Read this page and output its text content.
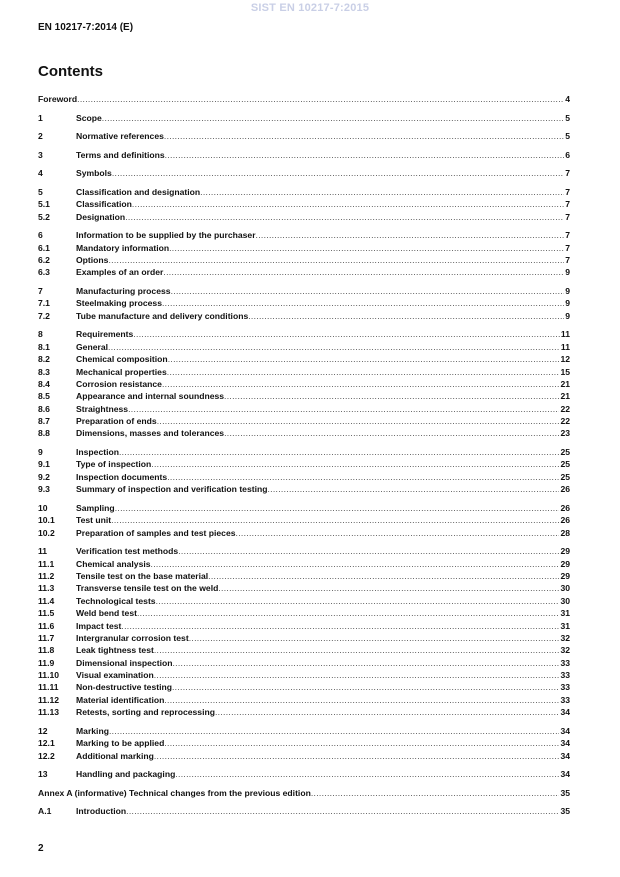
SIST EN 10217-7:2015
EN 10217-7:2014 (E)
Contents
Foreword .....	4
1	Scope .....	5
2	Normative references .....	5
3	Terms and definitions .....	6
4	Symbols .....	7
5	Classification and designation .....	7
5.1	Classification .....	7
5.2	Designation .....	7
6	Information to be supplied by the purchaser .....	7
6.1	Mandatory information .....	7
6.2	Options .....	7
6.3	Examples of an order .....	9
7	Manufacturing process .....	9
7.1	Steelmaking process .....	9
7.2	Tube manufacture and delivery conditions .....	9
8	Requirements .....	11
8.1	General .....	11
8.2	Chemical composition .....	12
8.3	Mechanical properties .....	15
8.4	Corrosion resistance .....	21
8.5	Appearance and internal soundness .....	21
8.6	Straightness .....	22
8.7	Preparation of ends .....	22
8.8	Dimensions, masses and tolerances .....	23
9	Inspection .....	25
9.1	Type of inspection .....	25
9.2	Inspection documents .....	25
9.3	Summary of inspection and verification testing .....	26
10	Sampling .....	26
10.1	Test unit .....	26
10.2	Preparation of samples and test pieces .....	28
11	Verification test methods .....	29
11.1	Chemical analysis .....	29
11.2	Tensile test on the base material .....	29
11.3	Transverse tensile test on the weld .....	30
11.4	Technological tests .....	30
11.5	Weld bend test .....	31
11.6	Impact test .....	31
11.7	Intergranular corrosion test .....	32
11.8	Leak tightness test .....	32
11.9	Dimensional inspection .....	33
11.10	Visual examination .....	33
11.11	Non-destructive testing .....	33
11.12	Material identification .....	33
11.13	Retests, sorting and reprocessing .....	34
12	Marking .....	34
12.1	Marking to be applied .....	34
12.2	Additional marking .....	34
13	Handling and packaging .....	34
Annex A (informative) Technical changes from the previous edition .....	35
A.1	Introduction .....	35
2
